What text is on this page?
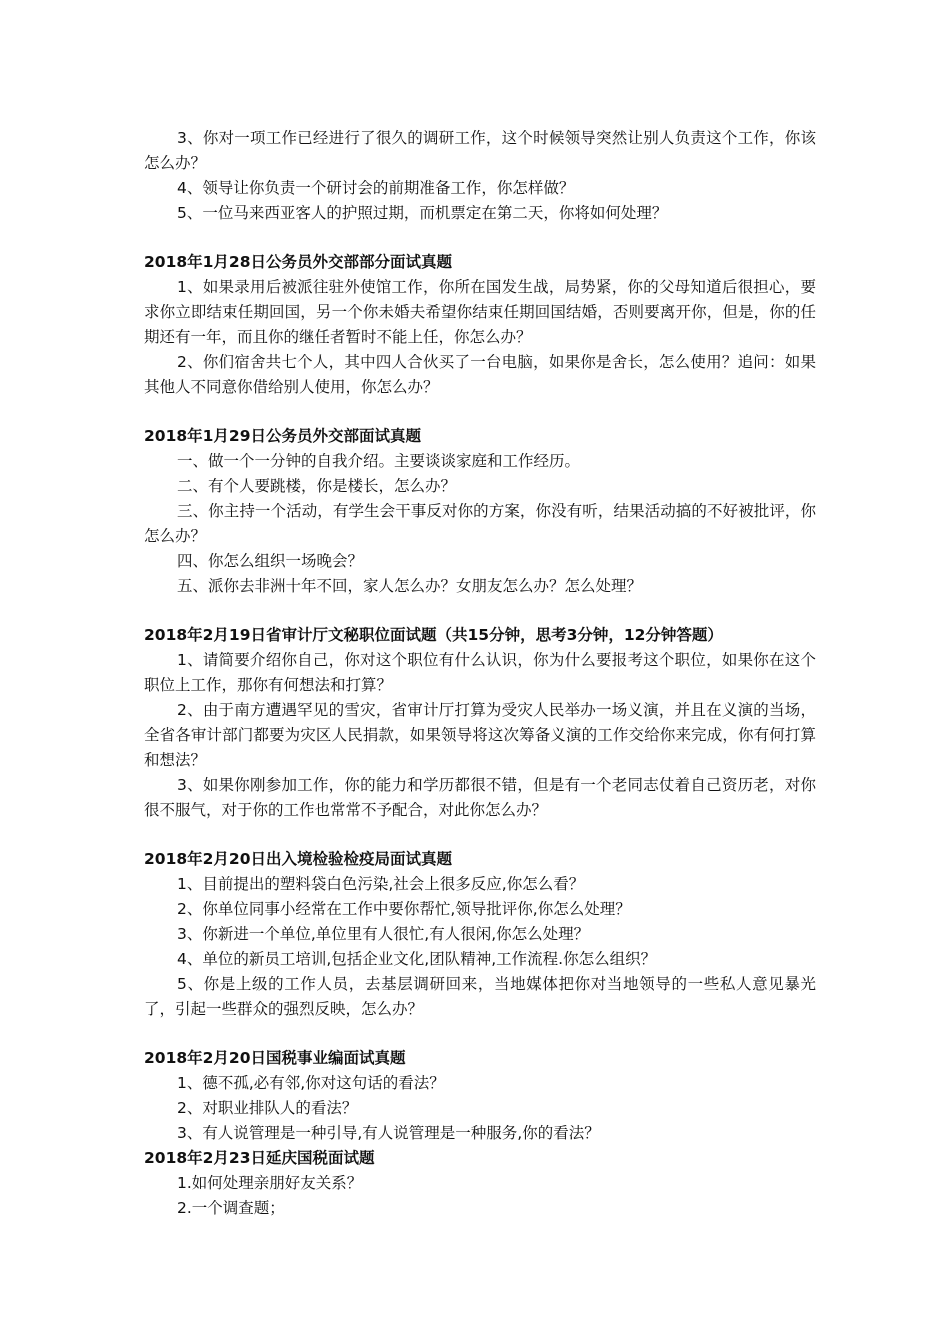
3、你对一项工作已经进行了很久的调研工作，这个时候领导突然让别人负责这个工作，你该怎么办？

4、领导让你负责一个研讨会的前期准备工作，你怎样做？

5、一位马来西亚客人的护照过期，而机票定在第二天，你将如何处理？

2018年1月28日公务员外交部部分面试真题

1、如果录用后被派往驻外使馆工作，你所在国发生战，局势紧，你的父母知道后很担心，要求你立即结束任期回国，另一个你未婚夫希望你结束任期回国结婚，否则要离开你，但是，你的任期还有一年，而且你的继任者暂时不能上任，你怎么办？

2、你们宿舍共七个人，其中四人合伙买了一台电脑，如果你是舍长，怎么使用？追问：如果其他人不同意你借给别人使用，你怎么办？

2018年1月29日公务员外交部面试真题

一、做一个一分钟的自我介绍。主要谈谈家庭和工作经历。

二、有个人要跳楼，你是楼长，怎么办？

三、你主持一个活动，有学生会干事反对你的方案，你没有听，结果活动搞的不好被批评，你怎么办？

四、你怎么组织一场晚会？

五、派你去非洲十年不回，家人怎么办？女朋友怎么办？怎么处理？

2018年2月19日省审计厅文秘职位面试题（共15分钟，思考3分钟，12分钟答题）

1、请简要介绍你自己，你对这个职位有什么认识，你为什么要报考这个职位，如果你在这个职位上工作，那你有何想法和打算？

2、由于南方遭遇罕见的雪灾，省审计厅打算为受灾人民举办一场义演，并且在义演的当场，全省各审计部门都要为灾区人民捐款，如果领导将这次筹备义演的工作交给你来完成，你有何打算和想法？

3、如果你刚参加工作，你的能力和学历都很不错，但是有一个老同志仗着自己资历老，对你很不服气，对于你的工作也常常不予配合，对此你怎么办？

2018年2月20日出入境检验检疫局面试真题

1、目前提出的塑料袋白色污染,社会上很多反应,你怎么看？

2、你单位同事小经常在工作中要你帮忙,领导批评你,你怎么处理？

3、你新进一个单位,单位里有人很忙,有人很闲,你怎么处理？

4、单位的新员工培训,包括企业文化,团队精神,工作流程.你怎么组织？

5、你是上级的工作人员，去基层调研回来，当地媒体把你对当地领导的一些私人意见暴光了，引起一些群众的强烈反映，怎么办？

2018年2月20日国税事业编面试真题

1、德不孤,必有邻,你对这句话的看法？

2、对职业排队人的看法？

3、有人说管理是一种引导,有人说管理是一种服务,你的看法？

2018年2月23日延庆国税面试题

1.如何处理亲朋好友关系？

2.一个调查题；
